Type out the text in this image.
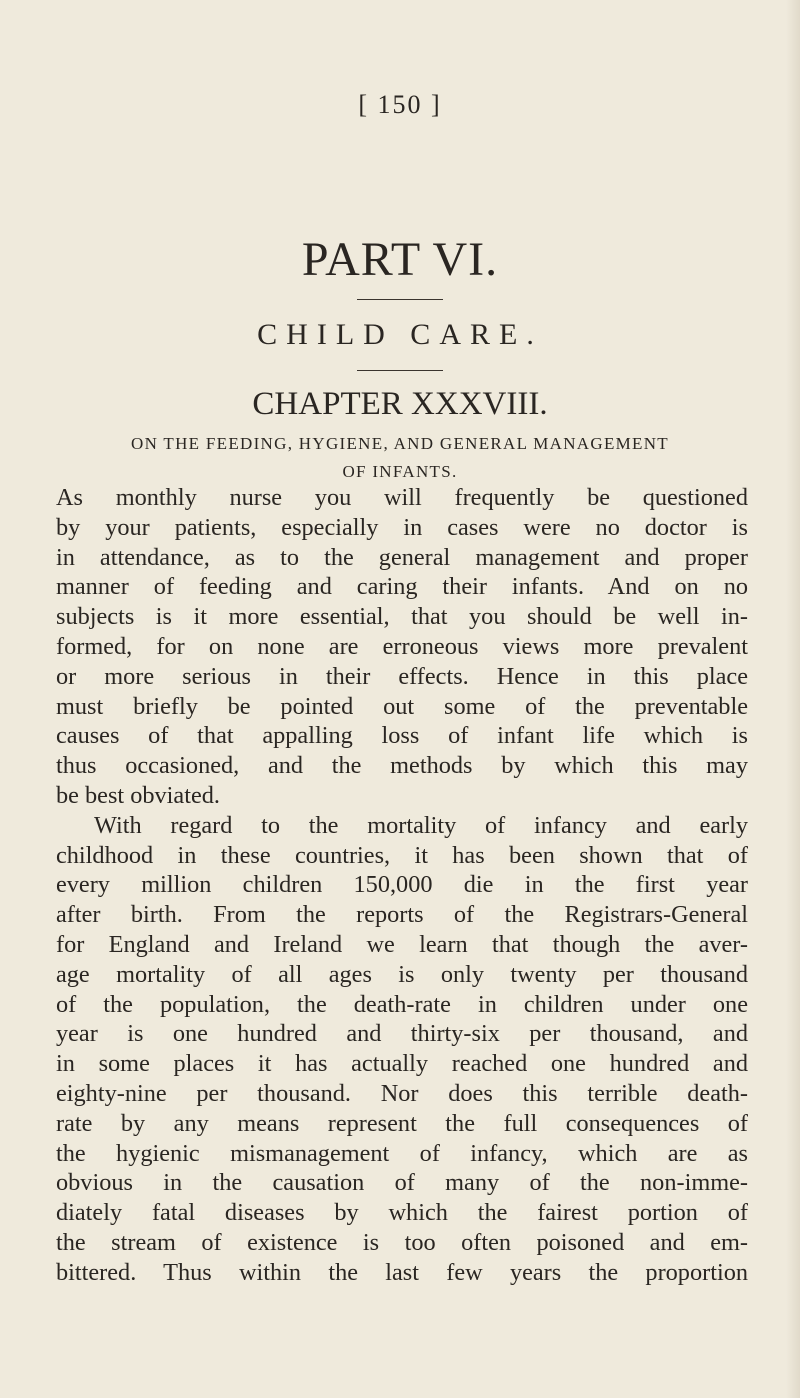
[ 150 ]
PART VI.
CHILD CARE.
CHAPTER XXXVIII.
ON THE FEEDING, HYGIENE, AND GENERAL MANAGEMENT
OF INFANTS.
As monthly nurse you will frequently be questioned
by your patients, especially in cases were no doctor is
in attendance, as to the general management and proper
manner of feeding and caring their infants. And on no
subjects is it more essential, that you should be well in-
formed, for on none are erroneous views more prevalent
or more serious in their effects. Hence in this place
must briefly be pointed out some of the preventable
causes of that appalling loss of infant life which is
thus occasioned, and the methods by which this may
be best obviated.
With regard to the mortality of infancy and early
childhood in these countries, it has been shown that of
every million children 150,000 die in the first year
after birth. From the reports of the Registrars-General
for England and Ireland we learn that though the aver-
age mortality of all ages is only twenty per thousand
of the population, the death-rate in children under one
year is one hundred and thirty-six per thousand, and
in some places it has actually reached one hundred and
eighty-nine per thousand. Nor does this terrible death-
rate by any means represent the full consequences of
the hygienic mismanagement of infancy, which are as
obvious in the causation of many of the non-imme-
diately fatal diseases by which the fairest portion of
the stream of existence is too often poisoned and em-
bittered. Thus within the last few years the proportion
